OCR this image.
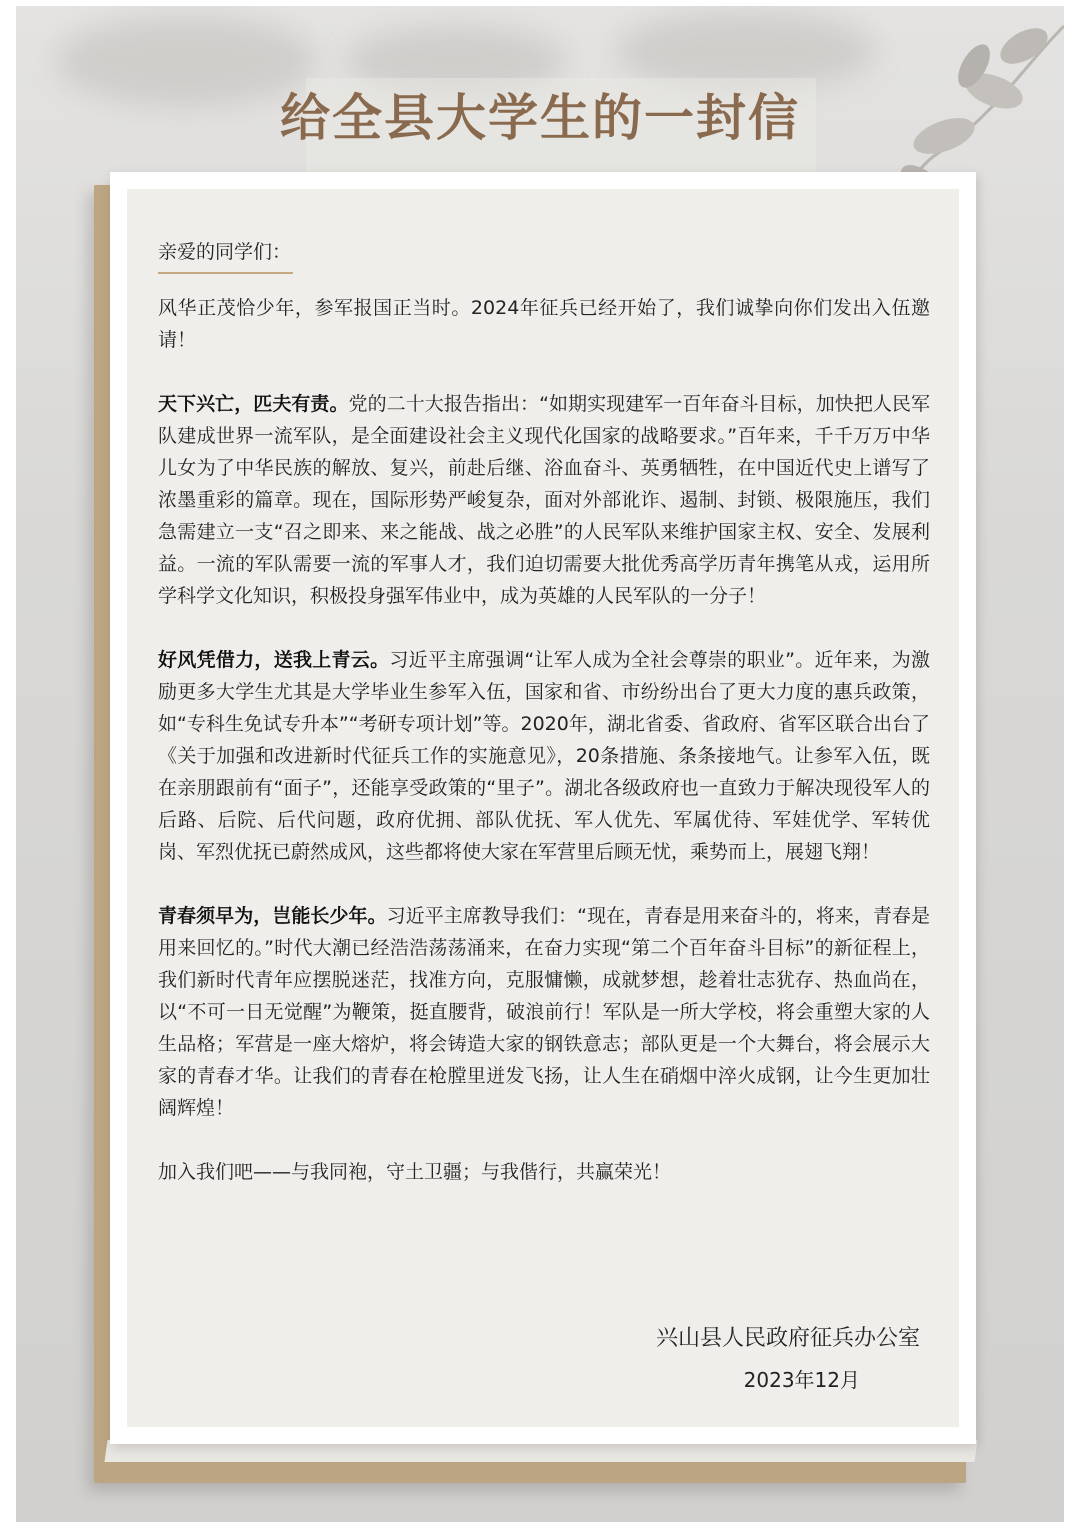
给全县大学生的一封信

亲爱的同学们：

风华正茂恰少年，参军报国正当时。2024年征兵已经开始了，我们诚挚向你们发出入伍邀请！

天下兴亡，匹夫有责。党的二十大报告指出：“如期实现建军一百年奋斗目标，加快把人民军队建成世界一流军队，是全面建设社会主义现代化国家的战略要求。”百年来，千千万万中华儿女为了中华民族的解放、复兴，前赴后继、浴血奋斗、英勇牺牲，在中国近代史上谱写了浓墨重彩的篇章。现在，国际形势严峻复杂，面对外部讹诈、遏制、封锁、极限施压，我们急需建立一支“召之即来、来之能战、战之必胜”的人民军队来维护国家主权、安全、发展利益。一流的军队需要一流的军事人才，我们迫切需要大批优秀高学历青年携笔从戎，运用所学科学文化知识，积极投身强军伟业中，成为英雄的人民军队的一分子！

好风凭借力，送我上青云。习近平主席强调“让军人成为全社会尊崇的职业”。近年来，为激励更多大学生尤其是大学毕业生参军入伍，国家和省、市纷纷出台了更大力度的惠兵政策，如“专科生免试专升本”“考研专项计划”等。2020年，湖北省委、省政府、省军区联合出台了《关于加强和改进新时代征兵工作的实施意见》，20条措施、条条接地气。让参军入伍，既在亲朋跟前有“面子”，还能享受政策的“里子”。湖北各级政府也一直致力于解决现役军人的后路、后院、后代问题，政府优拥、部队优抚、军人优先、军属优待、军娃优学、军转优岗、军烈优抚已蔚然成风，这些都将使大家在军营里后顾无忧，乘势而上，展翅飞翔！

青春须早为，岂能长少年。习近平主席教导我们：“现在，青春是用来奋斗的，将来，青春是用来回忆的。”时代大潮已经浩浩荡荡涌来，在奋力实现“第二个百年奋斗目标”的新征程上，我们新时代青年应摆脱迷茫，找准方向，克服慵懒，成就梦想，趁着壮志犹存、热血尚在，以“不可一日无觉醒”为鞭策，挺直腰背，破浪前行！军队是一所大学校，将会重塑大家的人生品格；军营是一座大熔炉，将会铸造大家的钢铁意志；部队更是一个大舞台，将会展示大家的青春才华。让我们的青春在枪膛里迸发飞扬，让人生在硝烟中淬火成钢，让今生更加壮阔辉煌！

加入我们吧——与我同袍，守土卫疆；与我偕行，共赢荣光！

兴山县人民政府征兵办公室
2023年12月
